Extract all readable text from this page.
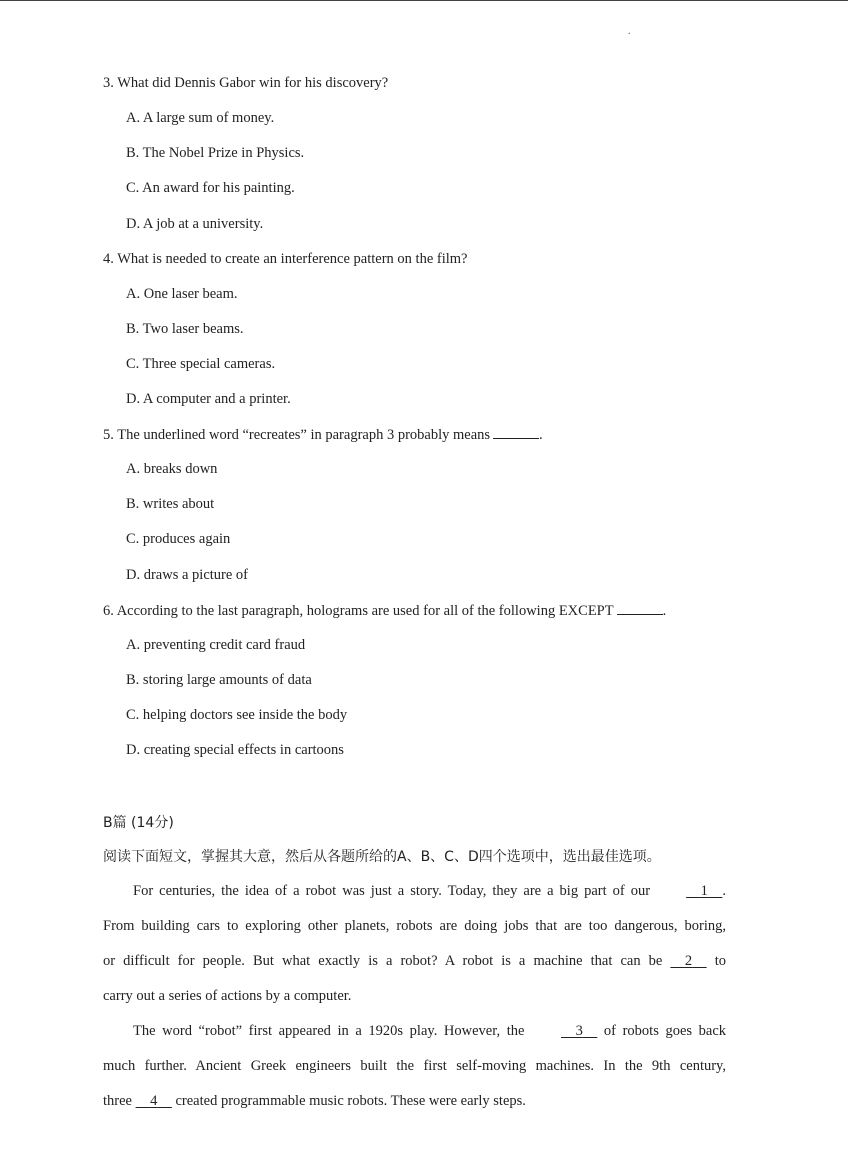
.
3. What did Dennis Gabor win for his discovery?
A. A large sum of money.
B. The Nobel Prize in Physics.
C. An award for his painting.
D. A job at a university.
4. What is needed to create an interference pattern on the film?
A. One laser beam.
B. Two laser beams.
C. Three special cameras.
D. A computer and a printer.
5. The underlined word “recreates” in paragraph 3 probably means	.
A. breaks down
B. writes about
C. produces again
D. draws a picture of
6. According to the last paragraph, holograms are used for all of the following EXCEPT	.
A. preventing credit card fraud
B. storing large amounts of data
C. helping doctors see inside the body
D. creating special effects in cartoons
B篇 (14分)
阅读下面短文，掌握其大意，然后从各题所给的A、B、C、D四个选项中，选出最佳选项。
For centuries, the idea of a robot was just a story. Today, they are a big part of our	1 .
From building cars to exploring other planets, robots are doing jobs that are too dangerous, boring,
or difficult for people. But what exactly is a robot? A robot is a machine that can be 2 to
carry out a series of actions by a computer.
The word “robot” first appeared in a 1920s play. However, the	3 of robots goes back
much further. Ancient Greek engineers built the first self-moving machines. In the 9th century,
three 4 created programmable music robots. These were early steps.
